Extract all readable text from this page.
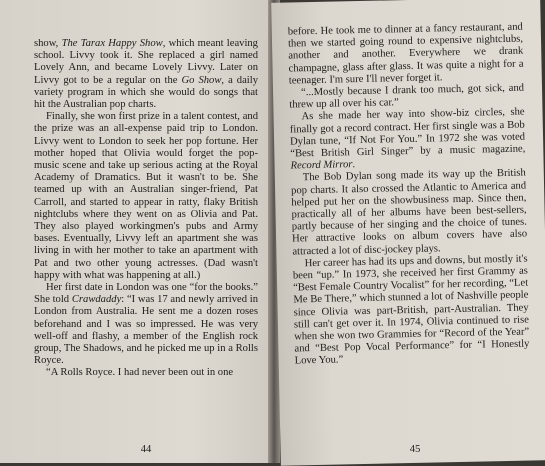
show, The Tarax Happy Show, which meant leaving school. Livvy took it. She replaced a girl named Lovely Ann, and became Lovely Livvy. Later on Livvy got to be a regular on the Go Show, a daily variety program in which she would do songs that hit the Australian pop charts.

Finally, she won first prize in a talent contest, and the prize was an all-expense paid trip to London. Livvy went to London to seek her pop fortune. Her mother hoped that Olivia would forget the pop-music scene and take up serious acting at the Royal Academy of Dramatics. But it wasn't to be. She teamed up with an Australian singer-friend, Pat Carroll, and started to appear in ratty, flaky British nightclubs where they went on as Olivia and Pat. They also played workingmen's pubs and Army bases. Eventually, Livvy left an apartment she was living in with her mother to take an apartment with Pat and two other young actresses. (Dad wasn't happy with what was happening at all.)

Her first date in London was one “for the books.” She told Crawdaddy: “I was 17 and newly arrived in London from Australia. He sent me a dozen roses beforehand and I was so impressed. He was very well-off and flashy, a member of the English rock group, The Shadows, and he picked me up in a Rolls Royce.

“A Rolls Royce. I had never been out in one

44

before. He took me to dinner at a fancy restaurant, and then we started going round to expensive nightclubs, another and another. Everywhere we drank champagne, glass after glass. It was quite a night for a teenager. I'm sure I'll never forget it.

“...Mostly because I drank too much, got sick, and threw up all over his car.”

As she made her way into show-biz circles, she finally got a record contract. Her first single was a Bob Dylan tune, “If Not For You.” In 1972 she was voted “Best British Girl Singer” by a music magazine, Record Mirror.

The Bob Dylan song made its way up the British pop charts. It also crossed the Atlantic to America and helped put her on the showbusiness map. Since then, practically all of her albums have been best-sellers, partly because of her singing and the choice of tunes. Her attractive looks on album covers have also attracted a lot of disc-jockey plays.

Her career has had its ups and downs, but mostly it's been “up.” In 1973, she received her first Grammy as “Best Female Country Vocalist” for her recording, “Let Me Be There,” which stunned a lot of Nashville people since Olivia was part-British, part-Australian. They still can't get over it. In 1974, Olivia continued to rise when she won two Grammies for “Record of the Year” and “Best Pop Vocal Performance” for “I Honestly Love You.”

45
